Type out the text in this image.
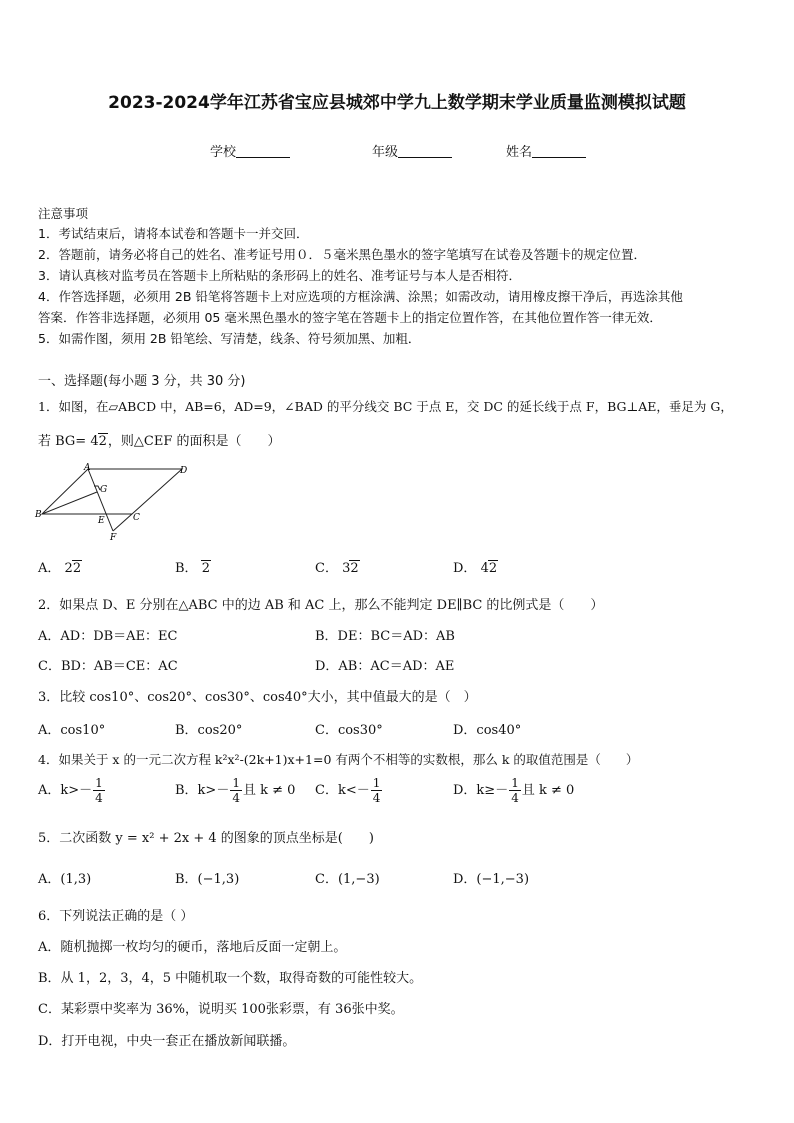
2023-2024学年江苏省宝应县城郊中学九上数学期末学业质量监测模拟试题
学校	年级	姓名
注意事项
1．考试结束后，请将本试卷和答题卡一并交回．
2．答题前，请务必将自己的姓名、准考证号用０．５毫米黑色墨水的签字笔填写在试卷及答题卡的规定位置．
3．请认真核对监考员在答题卡上所粘贴的条形码上的姓名、准考证号与本人是否相符．
4．作答选择题，必须用 2B 铅笔将答题卡上对应选项的方框涂满、涂黑；如需改动，请用橡皮擦干净后，再选涂其他
答案．作答非选择题，必须用 05 毫米黑色墨水的签字笔在答题卡上的指定位置作答，在其他位置作答一律无效．
5．如需作图，须用 2B 铅笔绘、写清楚，线条、符号须加黑、加粗．
一、选择题(每小题 3 分，共 30 分)
1．如图，在▱ABCD 中，AB=6，AD=9，∠BAD 的平分线交 BC 于点 E，交 DC 的延长线于点 F，BG⊥AE，垂足为 G，
若 BG= 42，则△CEF 的面积是（　　）
A	D
G
B
E	C
F
A． 22	B． 2	C． 32	D． 42
2．如果点 D、E 分别在△ABC 中的边 AB 和 AC 上，那么不能判定 DE∥BC 的比例式是（　　）
A．AD：DB＝AE：EC	B．DE：BC＝AD：AB
C．BD：AB＝CE：AC	D．AB：AC＝AD：AE
3．比较 cos10°、cos20°、cos30°、cos40°大小，其中值最大的是（　）
A．cos10°	B．cos20°	C．cos30°	D．cos40°
4．如果关于 x 的一元二次方程 k²x²-(2k+1)x+1=0 有两个不相等的实数根，那么 k 的取值范围是（　　）
A．$k>- \frac{1}{4}$	B．$k>- \frac{1}{4}$ 且 k ≠ 0 C．$k<- \frac{1}{4}$	D．$k\ge- \frac{1}{4}$ 且 k ≠ 0
5．二次函数 y = x² + 2x + 4 的图象的顶点坐标是(　　)
A．(1,3)	B．(−1,3)	C．(1,−3)	D．(−1,−3)
6．下列说法正确的是（ ）
A．随机抛掷一枚均匀的硬币，落地后反面一定朝上。
B．从 1，2，3，4，5 中随机取一个数，取得奇数的可能性较大。
C．某彩票中奖率为 36%，说明买 100张彩票，有 36张中奖。
D．打开电视，中央一套正在播放新闻联播。
